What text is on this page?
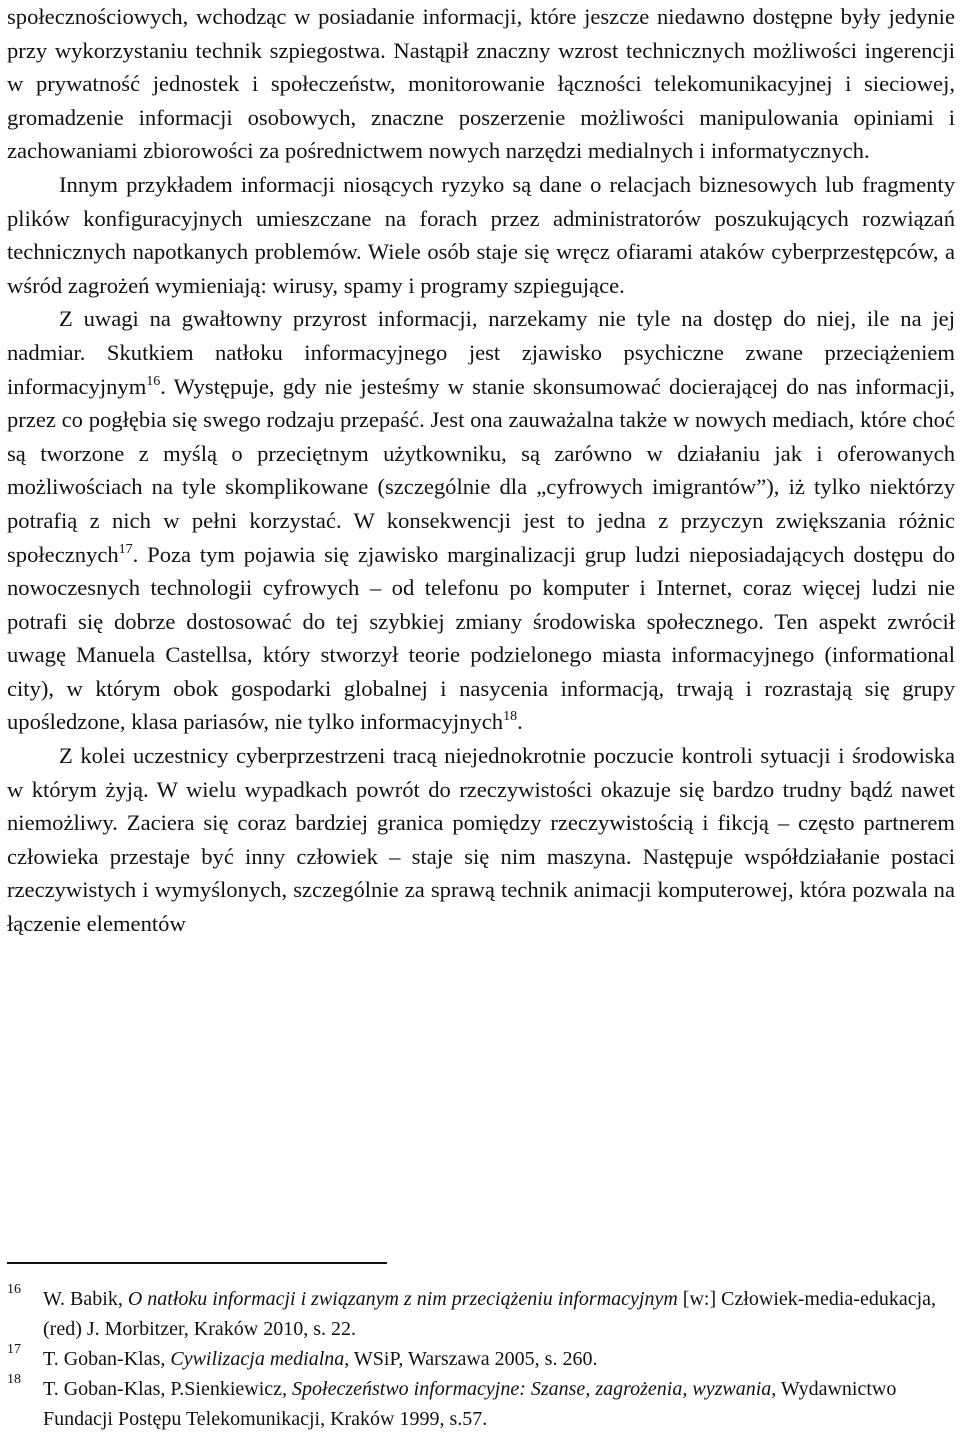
społecznościowych, wchodząc w posiadanie informacji, które jeszcze niedawno dostępne były jedynie przy wykorzystaniu technik szpiegostwa. Nastąpił znaczny wzrost technicznych możliwości ingerencji w prywatność jednostek i społeczeństw, monitorowanie łączności telekomunikacyjnej i sieciowej, gromadzenie informacji osobowych, znaczne poszerzenie możliwości manipulowania opiniami i zachowaniami zbiorowości za pośrednictwem nowych narzędzi medialnych i informatycznych.

Innym przykładem informacji niosących ryzyko są dane o relacjach biznesowych lub fragmenty plików konfiguracyjnych umieszczane na forach przez administratorów poszukujących rozwiązań technicznych napotkanych problemów. Wiele osób staje się wręcz ofiarami ataków cyberprzestępców, a wśród zagrożeń wymieniają: wirusy, spamy i programy szpiegujące.

Z uwagi na gwałtowny przyrost informacji, narzekamy nie tyle na dostęp do niej, ile na jej nadmiar. Skutkiem natłoku informacyjnego jest zjawisko psychiczne zwane przeciążeniem informacyjnym$^{16}$. Występuje, gdy nie jesteśmy w stanie skonsumować docierającej do nas informacji, przez co pogłębia się swego rodzaju przepaść. Jest ona zauważalna także w nowych mediach, które choć są tworzone z myślą o przeciętnym użytkowniku, są zarówno w działaniu jak i oferowanych możliwościach na tyle skomplikowane (szczególnie dla „cyfrowych imigrantów”), iż tylko niektórzy potrafią z nich w pełni korzystać. W konsekwencji jest to jedna z przyczyn zwiększania różnic społecznych$^{17}$. Poza tym pojawia się zjawisko marginalizacji grup ludzi nieposiadających dostępu do nowoczesnych technologii cyfrowych – od telefonu po komputer i Internet, coraz więcej ludzi nie potrafi się dobrze dostosować do tej szybkiej zmiany środowiska społecznego. Ten aspekt zwrócił uwagę Manuela Castellsa, który stworzył teorie podzielonego miasta informacyjnego (informational city), w którym obok gospodarki globalnej i nasycenia informacją, trwają i rozrastają się grupy upośledzone, klasa pariasów, nie tylko informacyjnych$^{18}$.

Z kolei uczestnicy cyberprzestrzeni tracą niejednokrotnie poczucie kontroli sytuacji i środowiska w którym żyją. W wielu wypadkach powrót do rzeczywistości okazuje się bardzo trudny bądź nawet niemożliwy. Zaciera się coraz bardziej granica pomiędzy rzeczywistością i fikcją – często partnerem człowieka przestaje być inny człowiek – staje się nim maszyna. Następuje współdziałanie postaci rzeczywistych i wymyślonych, szczególnie za sprawą technik animacji komputerowej, która pozwala na łączenie elementów

16 W. Babik, O natłoku informacji i związanym z nim przeciążeniu informacyjnym [w:] Człowiek-media-edukacja, (red) J. Morbitzer, Kraków 2010, s. 22.

17 T. Goban-Klas, Cywilizacja medialna, WSiP, Warszawa 2005, s. 260.

18 T. Goban-Klas, P.Sienkiewicz, Społeczeństwo informacyjne: Szanse, zagrożenia, wyzwania, Wydawnictwo Fundacji Postępu Telekomunikacji, Kraków 1999, s.57.
